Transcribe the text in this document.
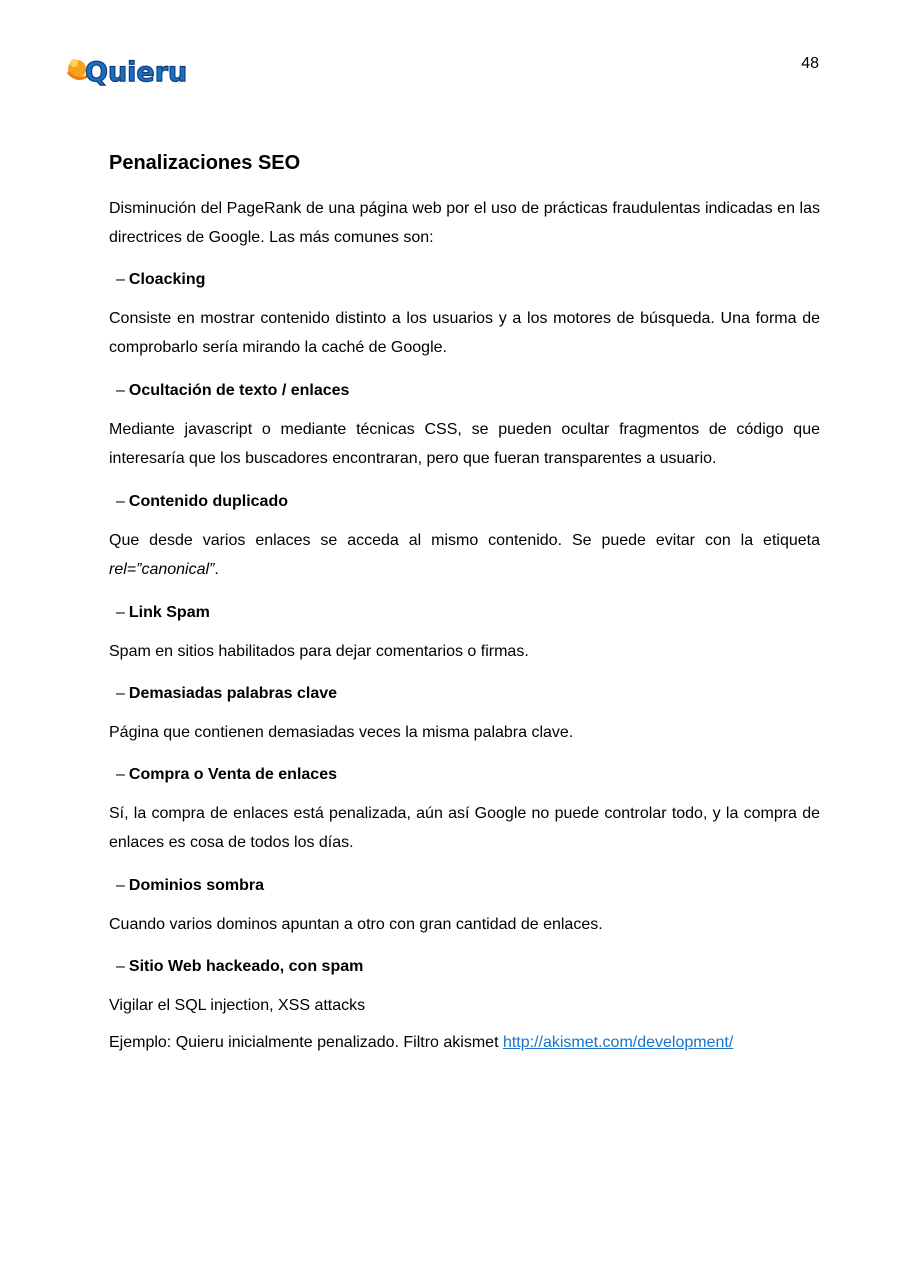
Quieru	48
Penalizaciones SEO

Disminución del PageRank de una página web por el uso de prácticas fraudulentas indicadas en las directrices de Google. Las más comunes son:

– Cloacking

Consiste en mostrar contenido distinto a los usuarios y a los motores de búsqueda. Una forma de comprobarlo sería mirando la caché de Google.

– Ocultación de texto / enlaces

Mediante javascript o mediante técnicas CSS, se pueden ocultar fragmentos de código que interesaría que los buscadores encontraran, pero que fueran transparentes a usuario.

– Contenido duplicado

Que desde varios enlaces se acceda al mismo contenido. Se puede evitar con la etiqueta rel=”canonical”.

– Link Spam

Spam en sitios habilitados para dejar comentarios o firmas.

– Demasiadas palabras clave

Página que contienen demasiadas veces la misma palabra clave.

– Compra o Venta de enlaces

Sí, la compra de enlaces está penalizada, aún así Google no puede controlar todo, y la compra de enlaces es cosa de todos los días.

– Dominios sombra

Cuando varios dominos apuntan a otro con gran cantidad de enlaces.

– Sitio Web hackeado, con spam

Vigilar el SQL injection, XSS attacks

Ejemplo: Quieru inicialmente penalizado. Filtro akismet http://akismet.com/development/
